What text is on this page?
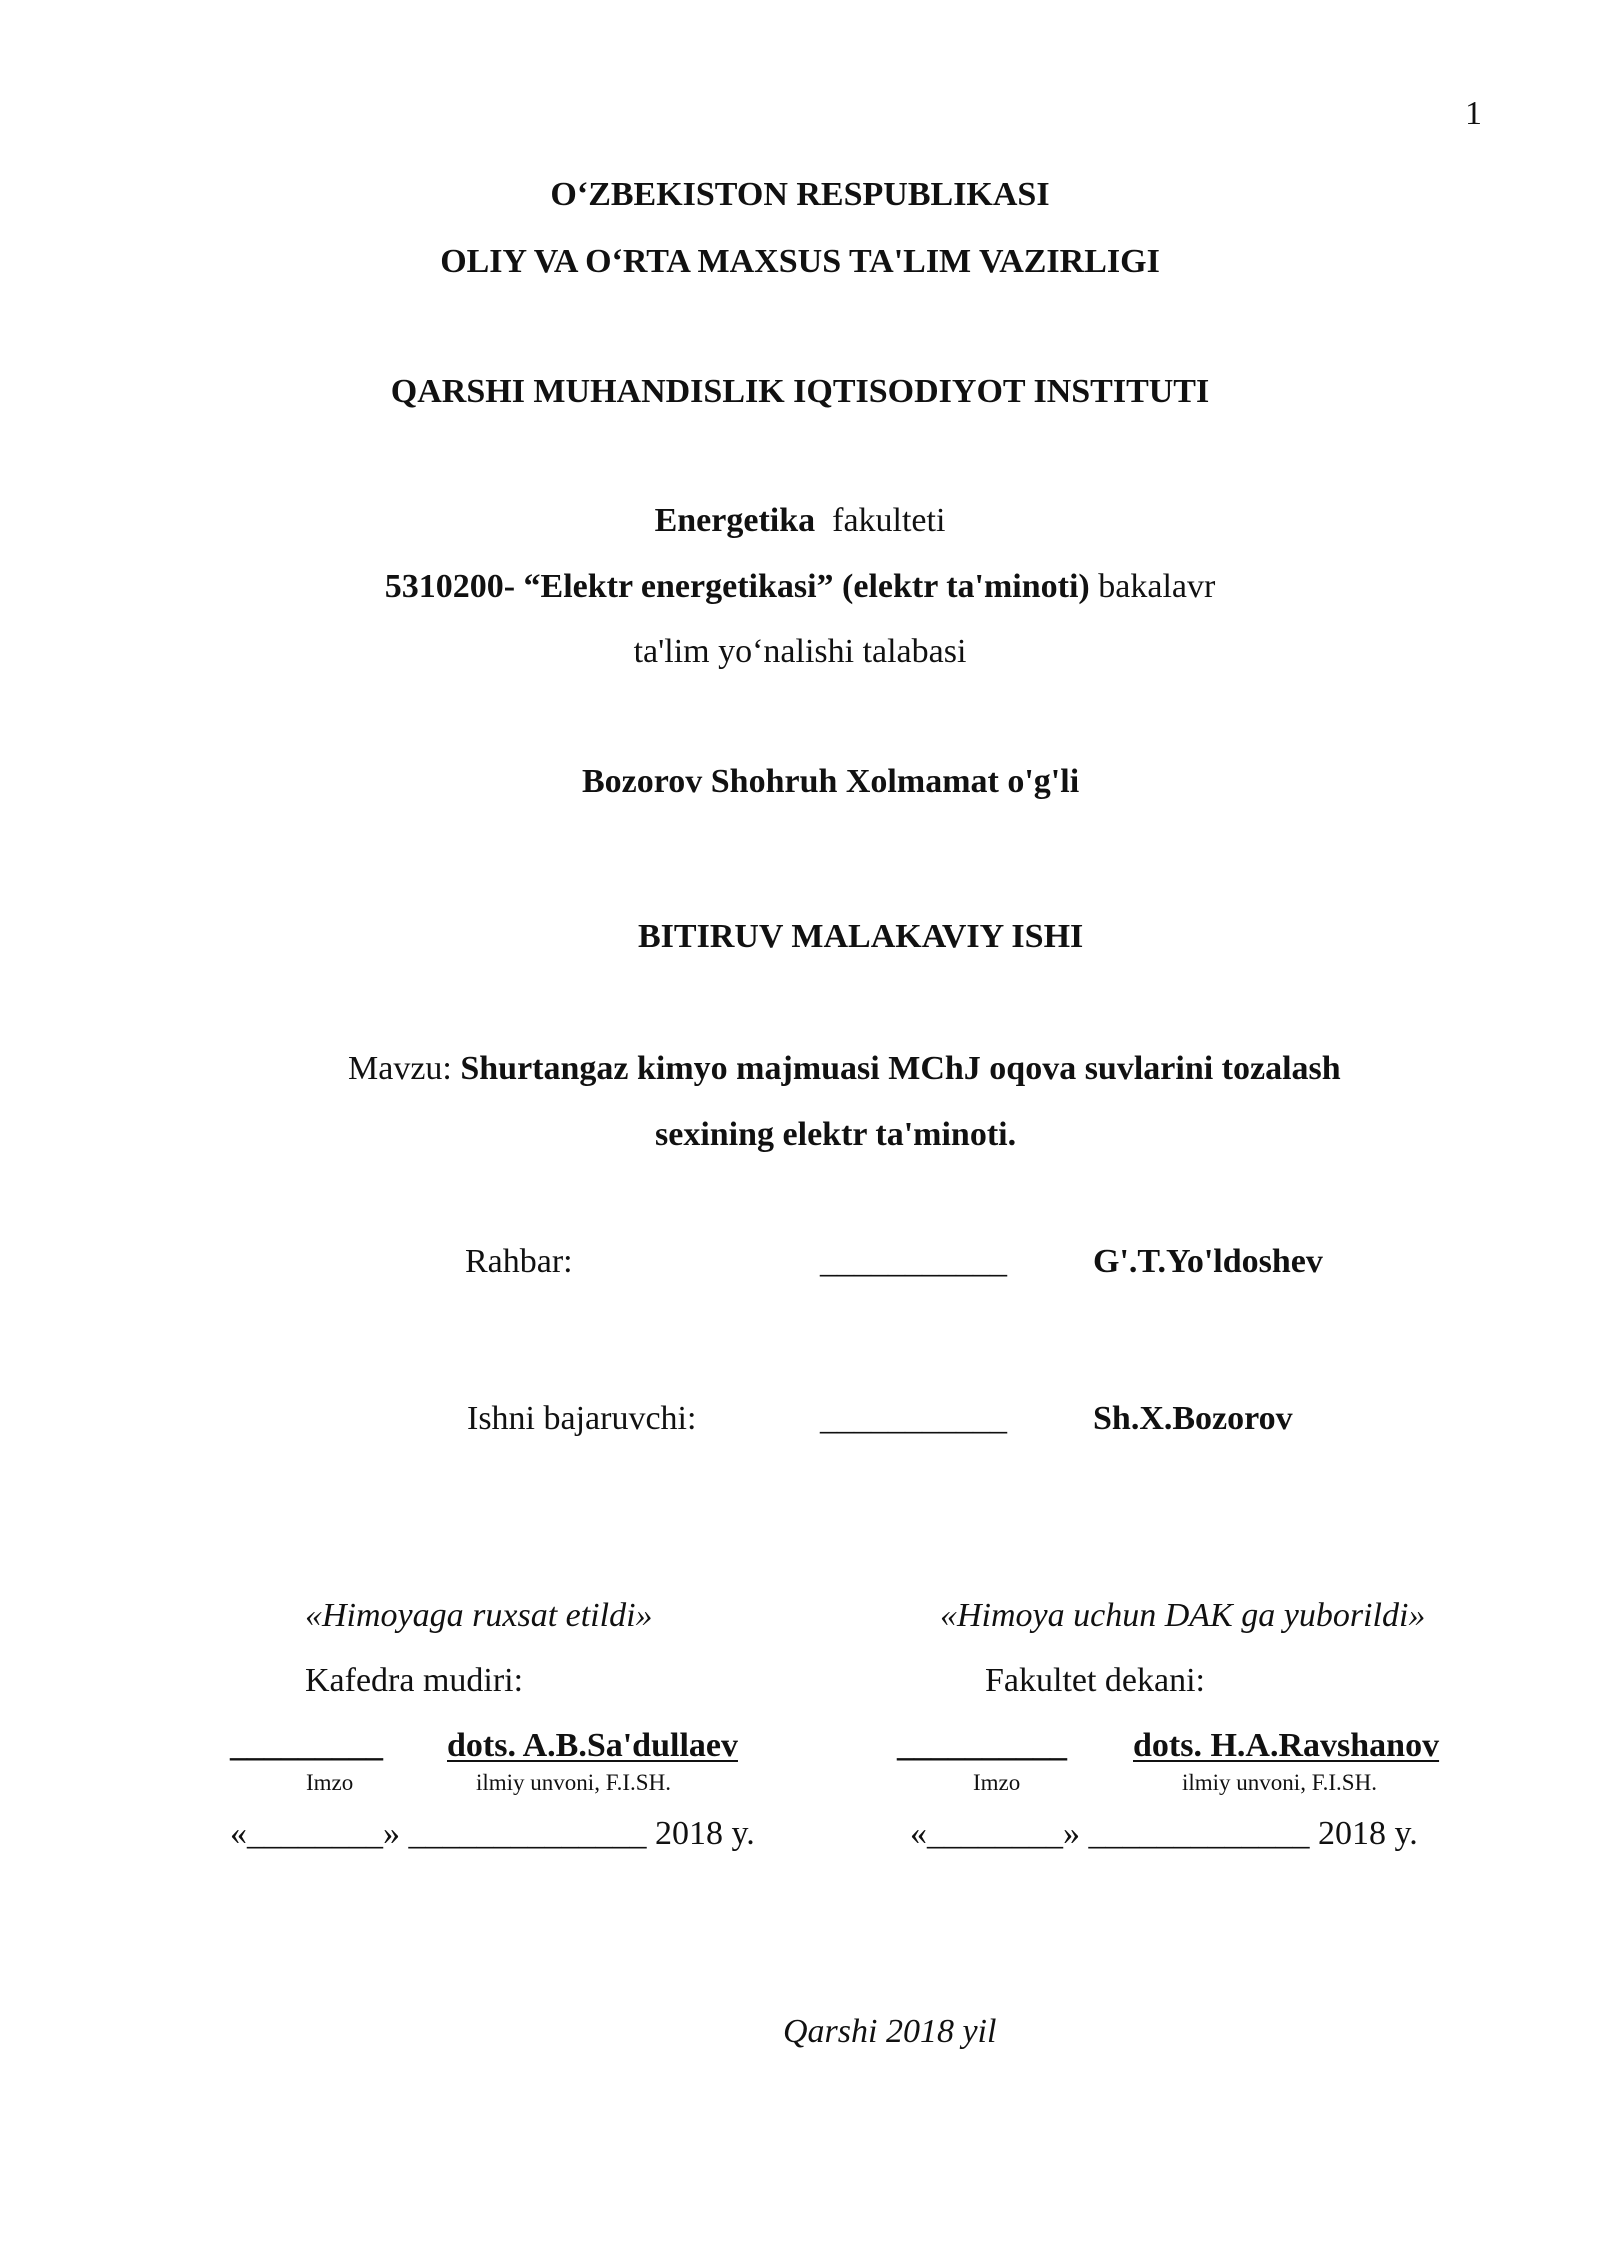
1
O‘ZBEKISTON RESPUBLIKASI
OLIY VA O‘RTA MAXSUS TA'LIM VAZIRLIGI
QARSHI MUHANDISLIK IQTISODIYOT INSTITUTI
Energetika fakulteti
5310200- “Elektr energetikasi” (elektr ta'minoti) bakalavr
ta'lim yo‘nalishi talabasi
Bozorov Shohruh Xolmamat o'g'li
BITIRUV MALAKAVIY ISHI
Mavzu: Shurtangaz kimyo majmuasi MChJ oqova suvlarini tozalash
sexining elektr ta'minoti.
Rahbar:	___________	G'.T.Yo'ldoshev
Ishni bajaruvchi:	___________	Sh.X.Bozorov
«Himoyaga ruxsat etildi»
Kafedra mudiri:
_________ dots. A.B.Sa'dullaev
Imzo	ilmiy unvoni, F.I.SH.
«________» ______________ 2018 y.
«Himoya uchun DAK ga yuborildi»
Fakultet dekani:
__________ dots. H.A.Ravshanov
Imzo	ilmiy unvoni, F.I.SH.
«________» _____________ 2018 y.
Qarshi 2018 yil
